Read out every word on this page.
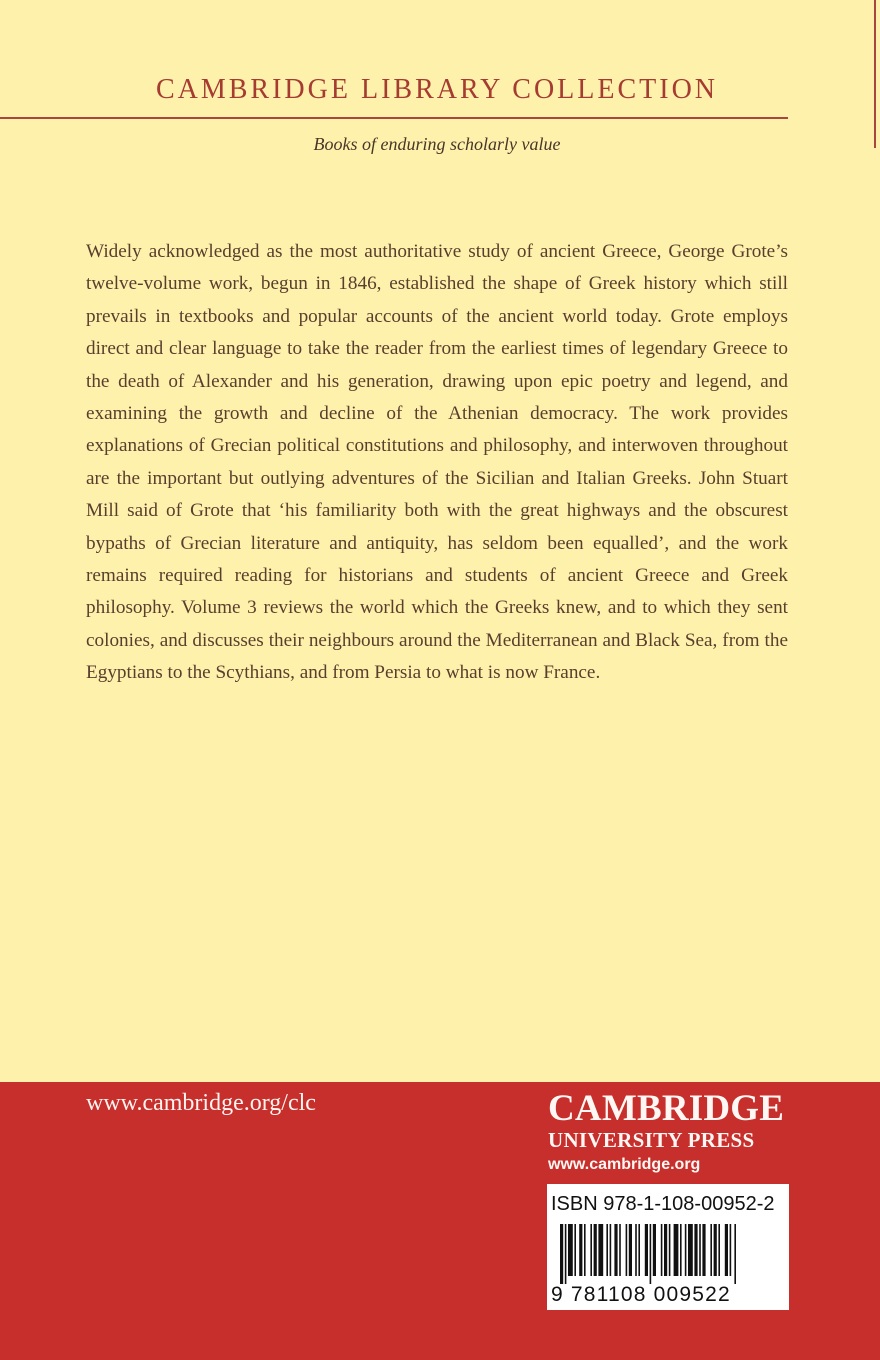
CAMBRIDGE LIBRARY COLLECTION
Books of enduring scholarly value
Widely acknowledged as the most authoritative study of ancient Greece, George Grote’s twelve-volume work, begun in 1846, established the shape of Greek history which still prevails in textbooks and popular accounts of the ancient world today. Grote employs direct and clear language to take the reader from the earliest times of legendary Greece to the death of Alexander and his generation, drawing upon epic poetry and legend, and examining the growth and decline of the Athenian democracy. The work provides explanations of Grecian political constitutions and philosophy, and interwoven throughout are the important but outlying adventures of the Sicilian and Italian Greeks. John Stuart Mill said of Grote that ‘his familiarity both with the great highways and the obscurest bypaths of Grecian literature and antiquity, has seldom been equalled’, and the work remains required reading for historians and students of ancient Greece and Greek philosophy. Volume 3 reviews the world which the Greeks knew, and to which they sent colonies, and discusses their neighbours around the Mediterranean and Black Sea, from the Egyptians to the Scythians, and from Persia to what is now France.
www.cambridge.org/clc	CAMBRIDGE
UNIVERSITY PRESS
www.cambridge.org
ISBN 978-1-108-00952-2
9 781108 009522
